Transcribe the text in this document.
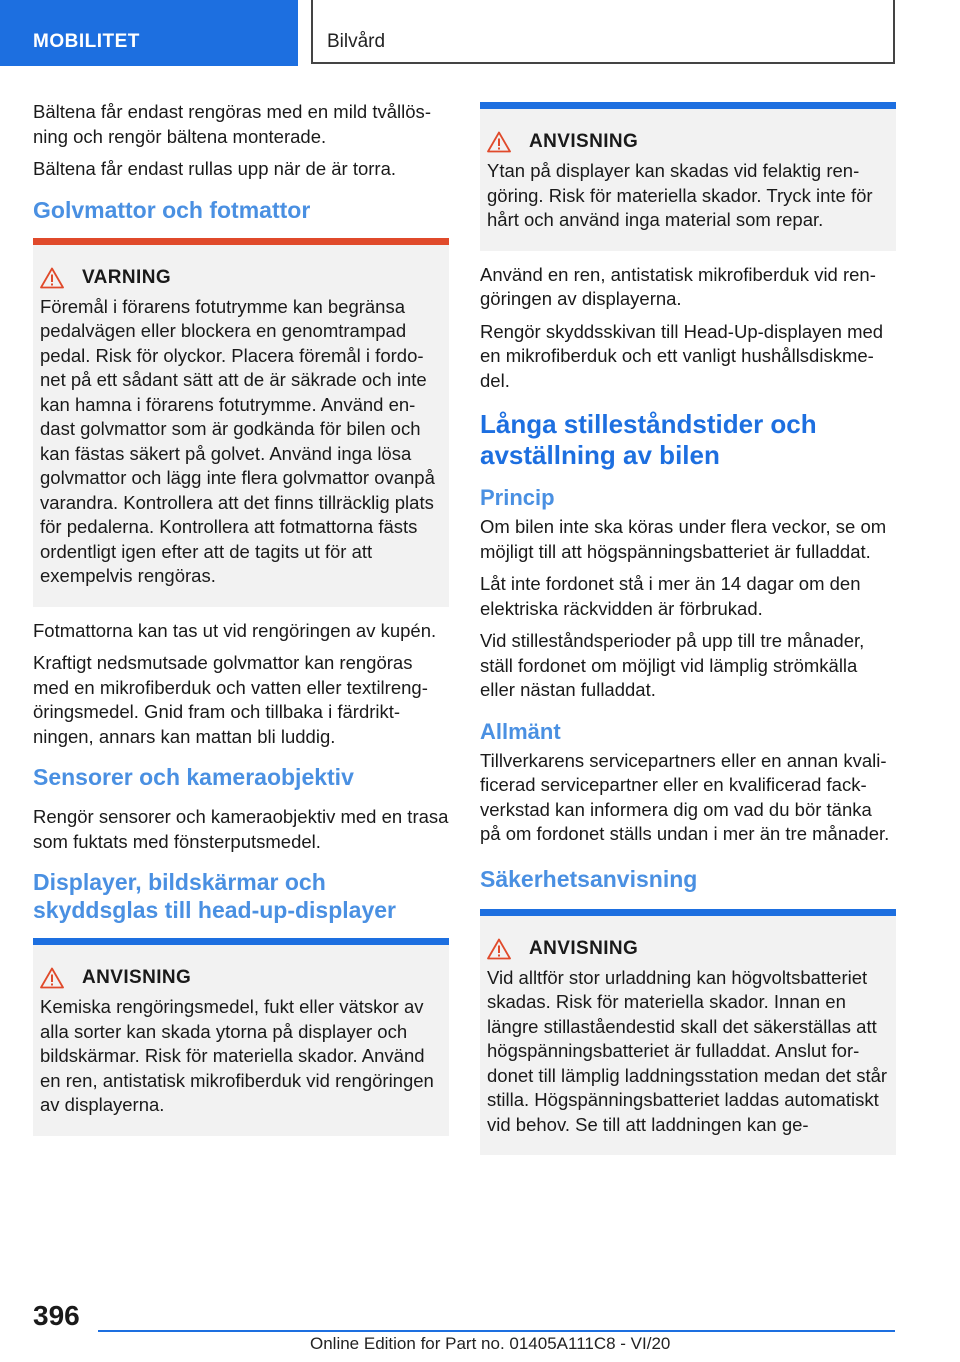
MOBILITET	Bilvård

Bältena får endast rengöras med en mild tvållösning och rengör bältena monterade.

Bältena får endast rullas upp när de är torra.

Golvmattor och fotmattor
VARNING
Föremål i förarens fotutrymme kan begränsa pedalvägen eller blockera en genomtrampad pedal. Risk för olyckor. Placera föremål i fordonet på ett sådant sätt att de är säkrade och inte kan hamna i förarens fotutrymme. Använd endast golvmattor som är godkända för bilen och kan fästas säkert på golvet. Använd inga lösa golvmattor och lägg inte flera golvmattor ovanpå varandra. Kontrollera att det finns tillräcklig plats för pedalerna. Kontrollera att fotmattorna fästs ordentligt igen efter att de tagits ut för att exempelvis rengöras.

Fotmattorna kan tas ut vid rengöringen av kupén.

Kraftigt nedsmutsade golvmattor kan rengöras med en mikrofiberduk och vatten eller textilrengöringsmedel. Gnid fram och tillbaka i färdriktningen, annars kan mattan bli luddig.

Sensorer och kameraobjektiv

Rengör sensorer och kameraobjektiv med en trasa som fuktats med fönsterputsmedel.

Displayer, bildskärmar och skyddsglas till head-up-displayer
ANVISNING
Kemiska rengöringsmedel, fukt eller vätskor av alla sorter kan skada ytorna på displayer och bildskärmar. Risk för materiella skador. Använd en ren, antistatisk mikrofiberduk vid rengöringen av displayerna.
ANVISNING
Ytan på displayer kan skadas vid felaktig rengöring. Risk för materiella skador. Tryck inte för hårt och använd inga material som repar.

Använd en ren, antistatisk mikrofiberduk vid rengöringen av displayerna.

Rengör skyddsskivan till Head-Up-displayen med en mikrofiberduk och ett vanligt hushållsdiskmedel.

Långa stilleståndstider och avställning av bilen
Princip

Om bilen inte ska köras under flera veckor, se om möjligt till att högspänningsbatteriet är fulladdat.

Låt inte fordonet stå i mer än 14 dagar om den elektriska räckvidden är förbrukad.

Vid stilleståndsperioder på upp till tre månader, ställ fordonet om möjligt vid lämplig strömkälla eller nästan fulladdat.

Allmänt

Tillverkarens servicepartners eller en annan kvalificerad servicepartner eller en kvalificerad fackverkstad kan informera dig om vad du bör tänka på om fordonet ställs undan i mer än tre månader.

Säkerhetsanvisning
ANVISNING
Vid alltför stor urladdning kan högvoltsbatteriet skadas. Risk för materiella skador. Innan en längre stillaståendestid skall det säkerställas att högspänningsbatteriet är fulladdat. Anslut fordonet till lämplig laddningsstation medan det står stilla. Högspänningsbatteriet laddas automatiskt vid behov. Se till att laddningen kan ge-
396
Online Edition for Part no. 01405A111C8 - VI/20
